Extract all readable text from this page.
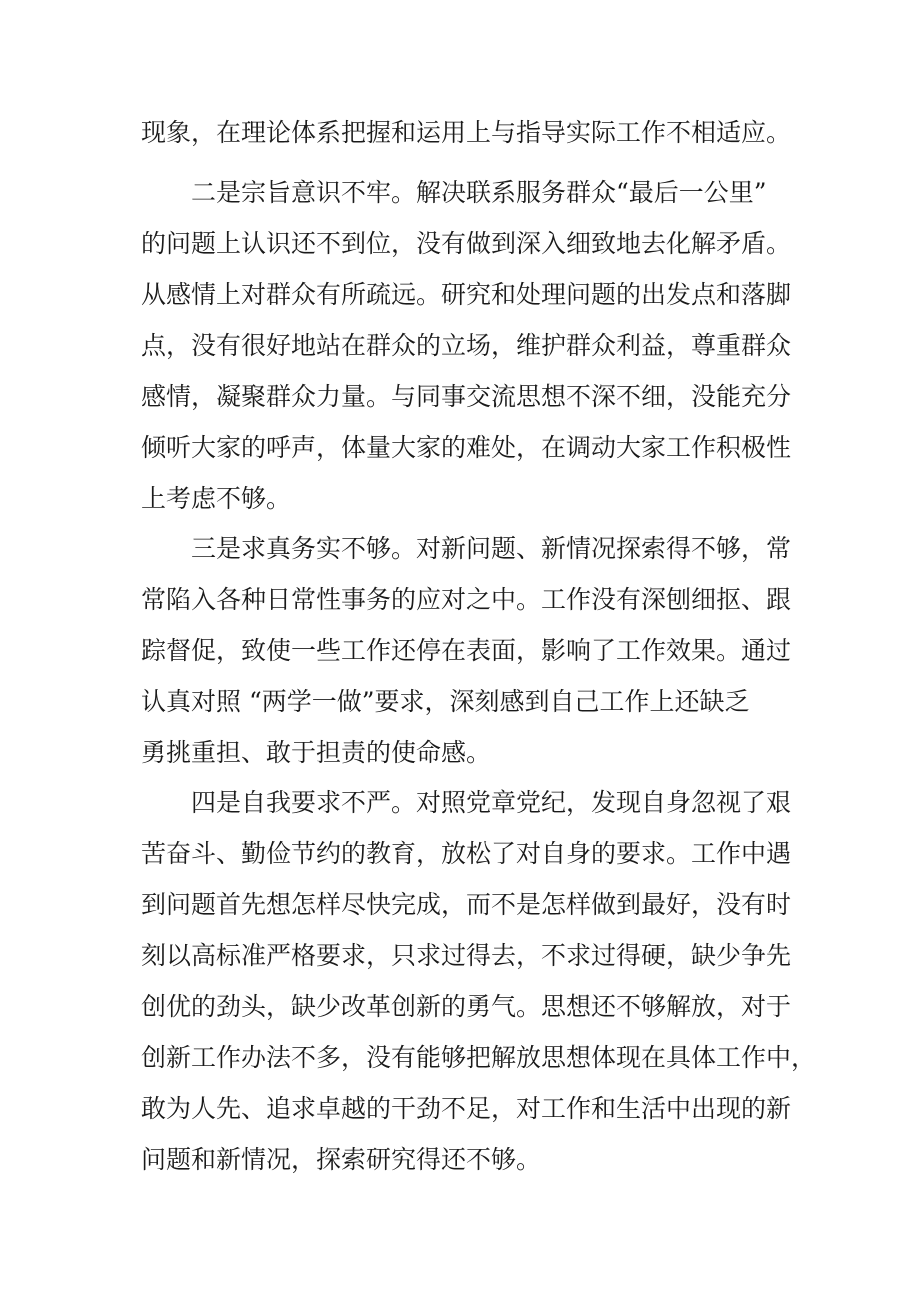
现象，在理论体系把握和运用上与指导实际工作不相适应。
二是宗旨意识不牢。解决联系服务群众“最后一公里”
的问题上认识还不到位，没有做到深入细致地去化解矛盾。
从感情上对群众有所疏远。研究和处理问题的出发点和落脚
点，没有很好地站在群众的立场，维护群众利益，尊重群众
感情，凝聚群众力量。与同事交流思想不深不细，没能充分
倾听大家的呼声，体量大家的难处，在调动大家工作积极性
上考虑不够。
三是求真务实不够。对新问题、新情况探索得不够，常
常陷入各种日常性事务的应对之中。工作没有深刨细抠、跟
踪督促，致使一些工作还停在表面，影响了工作效果。通过
认真对照 “两学一做”要求，深刻感到自己工作上还缺乏
勇挑重担、敢于担责的使命感。
四是自我要求不严。对照党章党纪，发现自身忽视了艰
苦奋斗、勤俭节约的教育，放松了对自身的要求。工作中遇
到问题首先想怎样尽快完成，而不是怎样做到最好，没有时
刻以高标准严格要求，只求过得去，不求过得硬，缺少争先
创优的劲头，缺少改革创新的勇气。思想还不够解放，对于
创新工作办法不多，没有能够把解放思想体现在具体工作中，
敢为人先、追求卓越的干劲不足，对工作和生活中出现的新
问题和新情况，探索研究得还不够。
